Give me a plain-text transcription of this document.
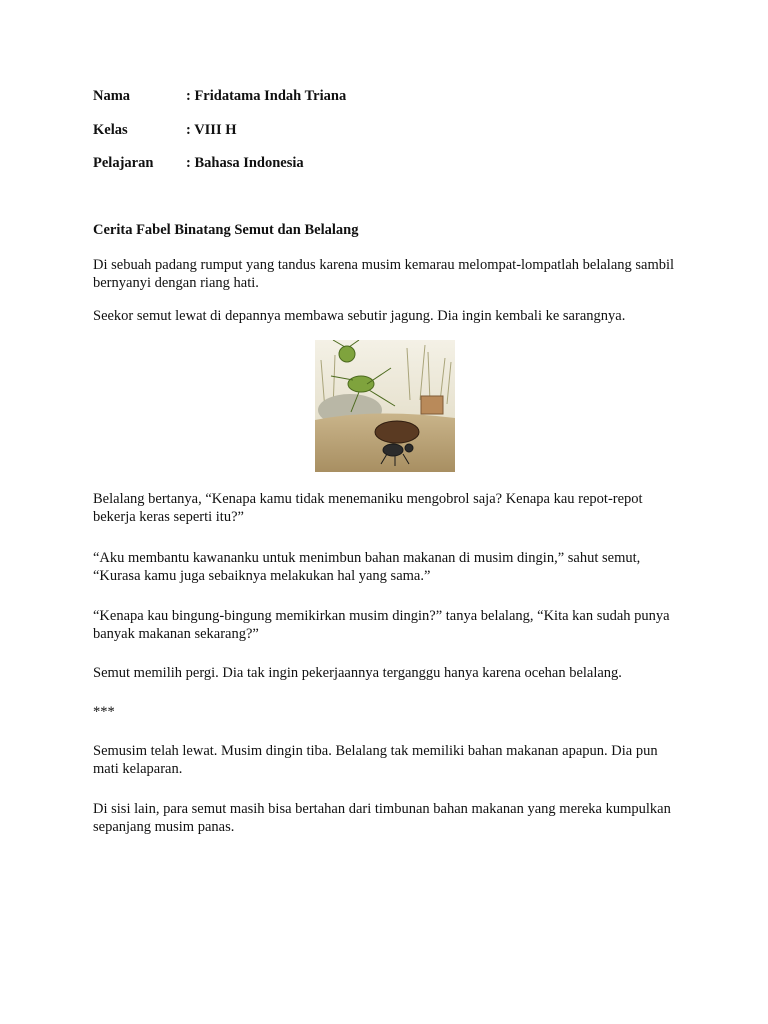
Nama	: Fridatama Indah Triana
Kelas	: VIII H
Pelajaran : Bahasa Indonesia
Cerita Fabel Binatang Semut dan Belalang
Di sebuah padang rumput yang tandus karena musim kemarau melompat-lompatlah belalang sambil bernyanyi dengan riang hati.
Seekor semut lewat di depannya membawa sebutir jagung. Dia ingin kembali ke sarangnya.
Belalang bertanya, “Kenapa kamu tidak menemaniku mengobrol saja? Kenapa kau repot-repot bekerja keras seperti itu?”
“Aku membantu kawananku untuk menimbun bahan makanan di musim dingin,” sahut semut, “Kurasa kamu juga sebaiknya melakukan hal yang sama.”
“Kenapa kau bingung-bingung memikirkan musim dingin?” tanya belalang, “Kita kan sudah punya banyak makanan sekarang?”
Semut memilih pergi. Dia tak ingin pekerjaannya terganggu hanya karena ocehan belalang.
***
Semusim telah lewat. Musim dingin tiba. Belalang tak memiliki bahan makanan apapun. Dia pun mati kelaparan.
Di sisi lain, para semut masih bisa bertahan dari timbunan bahan makanan yang mereka kumpulkan sepanjang musim panas.
